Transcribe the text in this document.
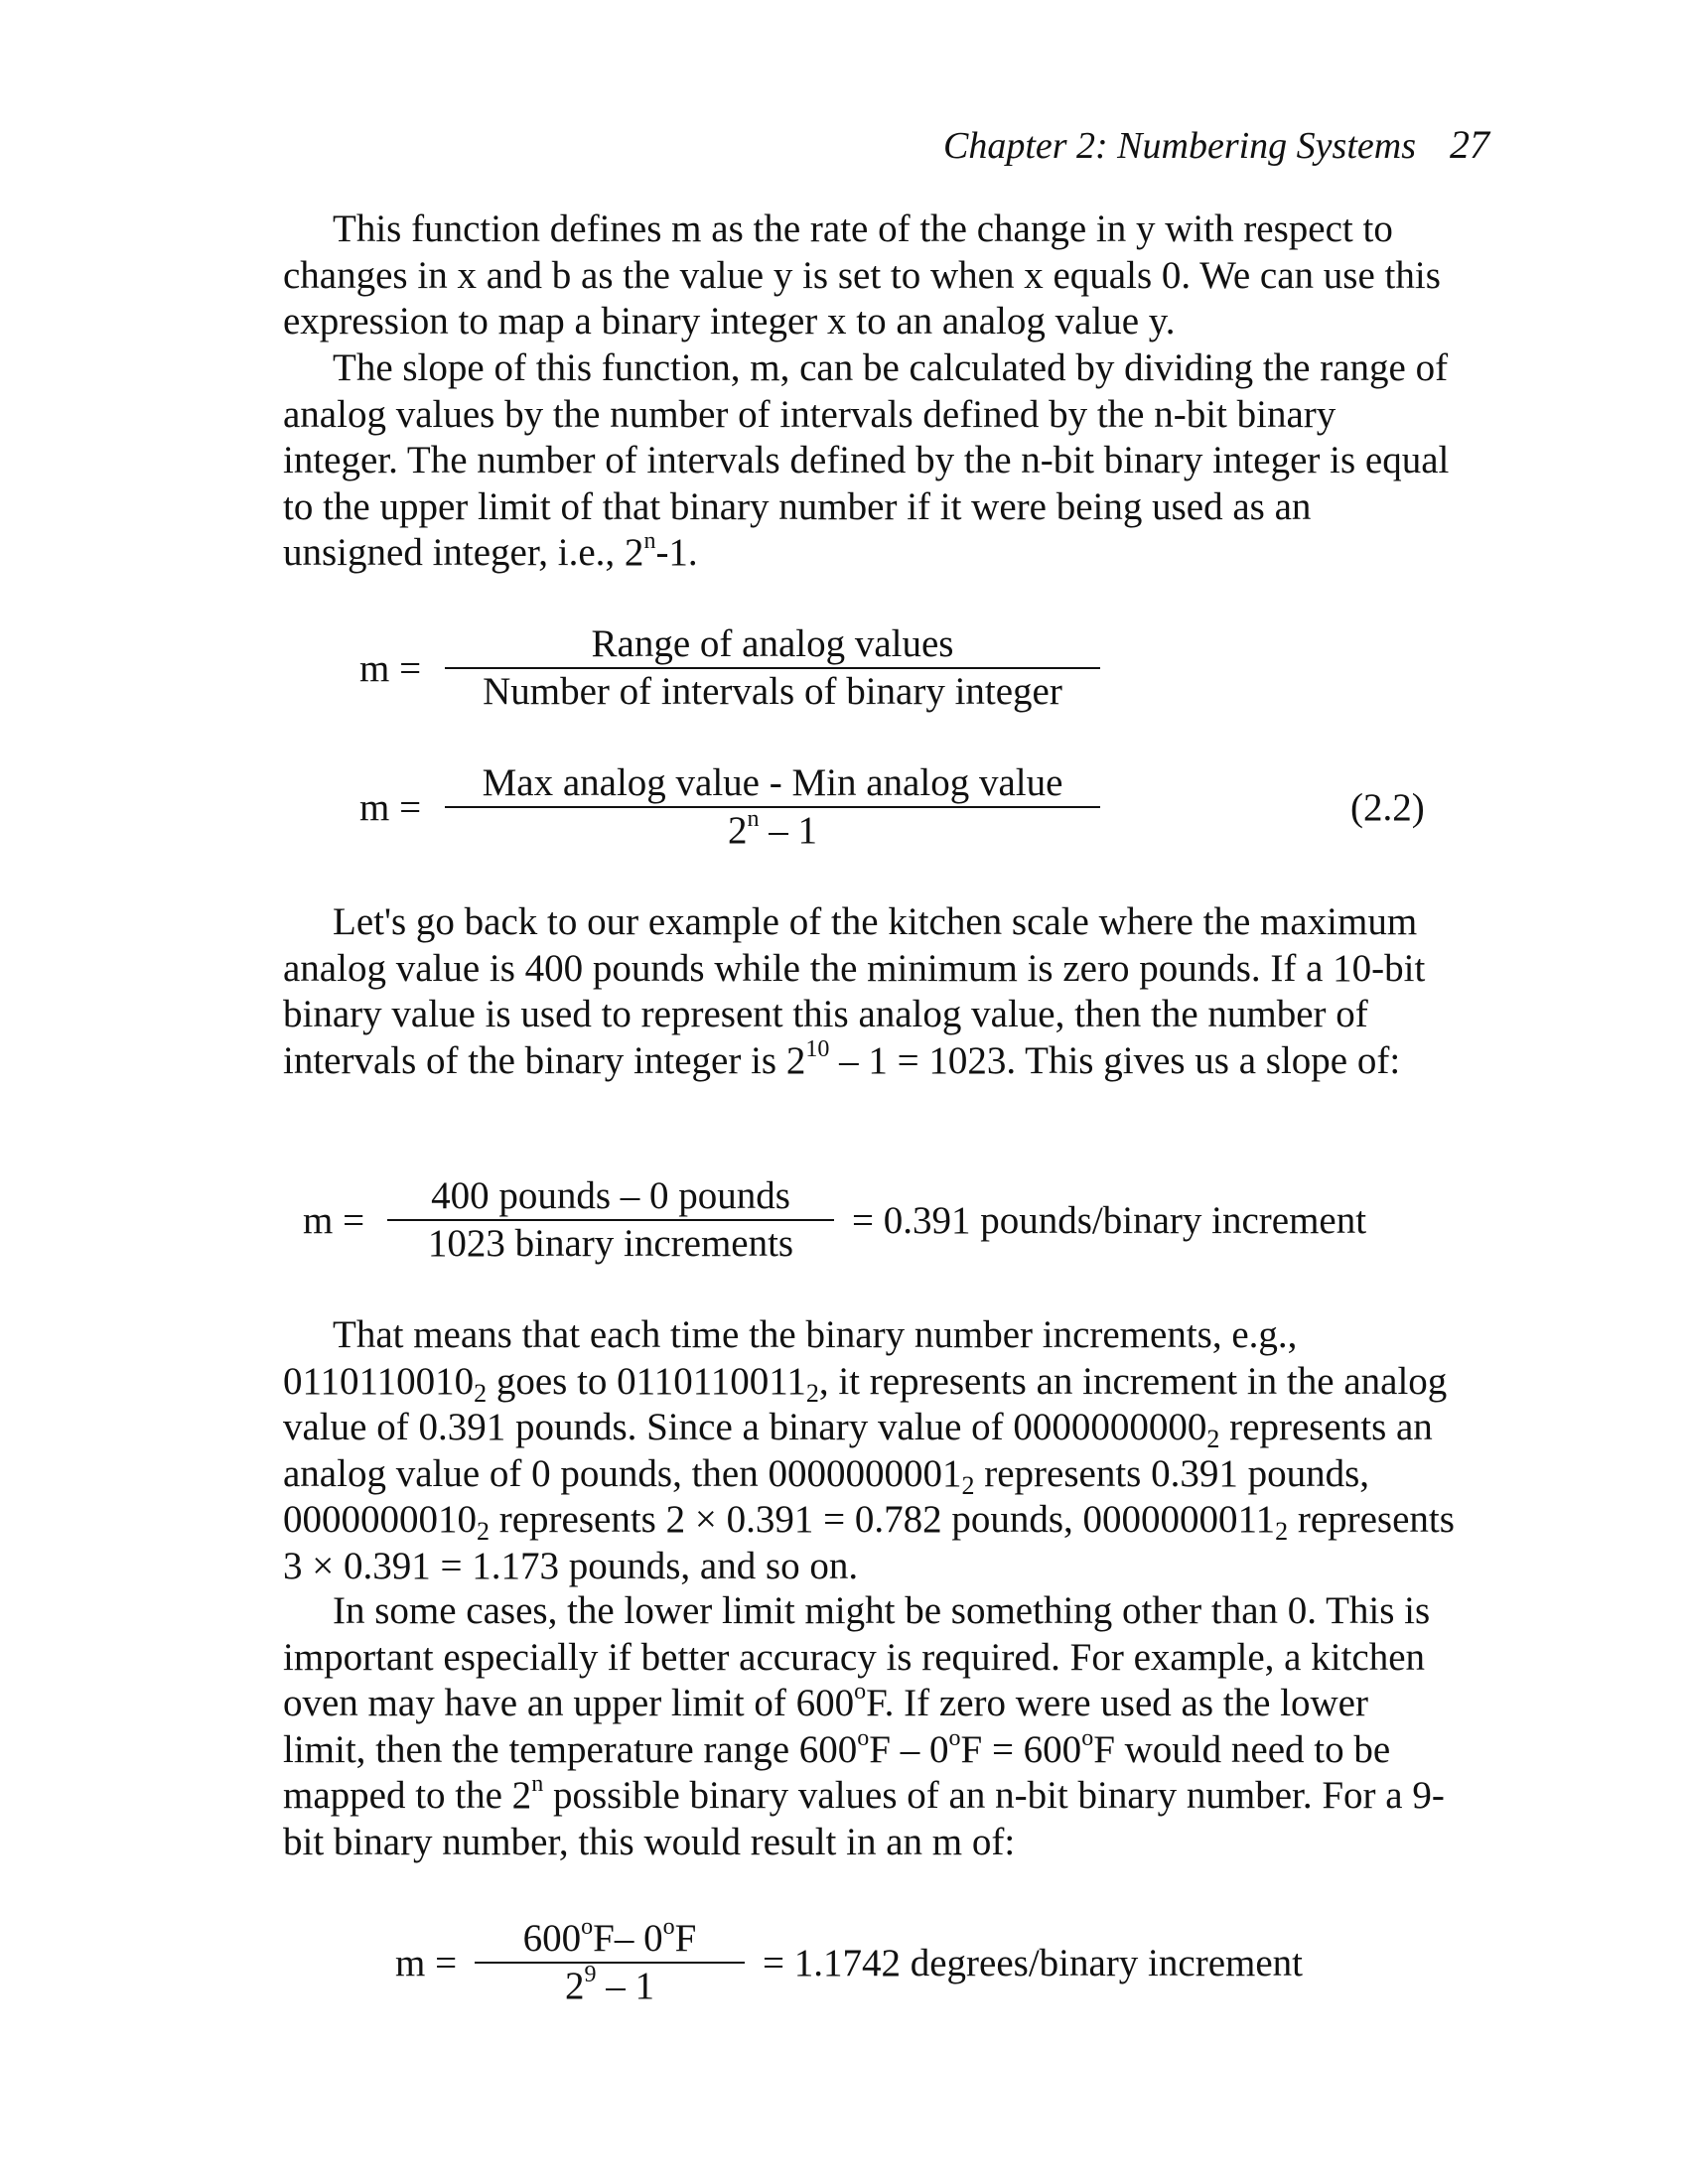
Chapter 2: Numbering Systems 27

This function defines m as the rate of the change in y with respect to changes in x and b as the value y is set to when x equals 0. We can use this expression to map a binary integer x to an analog value y.

The slope of this function, m, can be calculated by dividing the range of analog values by the number of intervals defined by the n-bit binary integer. The number of intervals defined by the n-bit binary integer is equal to the upper limit of that binary number if it were being used as an unsigned integer, i.e., 2$^n$-1.

m =
Range of analog values
Number of intervals of binary integer
m =
Max analog value - Min analog value
2$^n$ – 1
(2.2)

Let's go back to our example of the kitchen scale where the maximum analog value is 400 pounds while the minimum is zero pounds. If a 10-bit binary value is used to represent this analog value, then the number of intervals of the binary integer is $2^{10} - 1 = 1023$. This gives us a slope of:

m =
400 pounds – 0 pounds
1023 binary increments
= 0.391 pounds/binary increment

That means that each time the binary number increments, e.g., $0110110010_2$ goes to $0110110011_2$, it represents an increment in the analog value of 0.391 pounds. Since a binary value of $0000000000_2$ represents an analog value of 0 pounds, then $0000000001_2$ represents 0.391 pounds, $0000000010_2$ represents 2 × 0.391 = 0.782 pounds, $0000000011_2$ represents 3 × 0.391 = 1.173 pounds, and so on.

In some cases, the lower limit might be something other than 0. This is important especially if better accuracy is required. For example, a kitchen oven may have an upper limit of 600$^o$F. If zero were used as the lower limit, then the temperature range $600^oF - 0^oF = 600^oF$ would need to be mapped to the 2$^n$ possible binary values of an n-bit binary number. For a 9-bit binary number, this would result in an m of:

m =
$600^oF-$ 0$^o$F
$2^9 - 1$
= 1.1742 degrees/binary increment
